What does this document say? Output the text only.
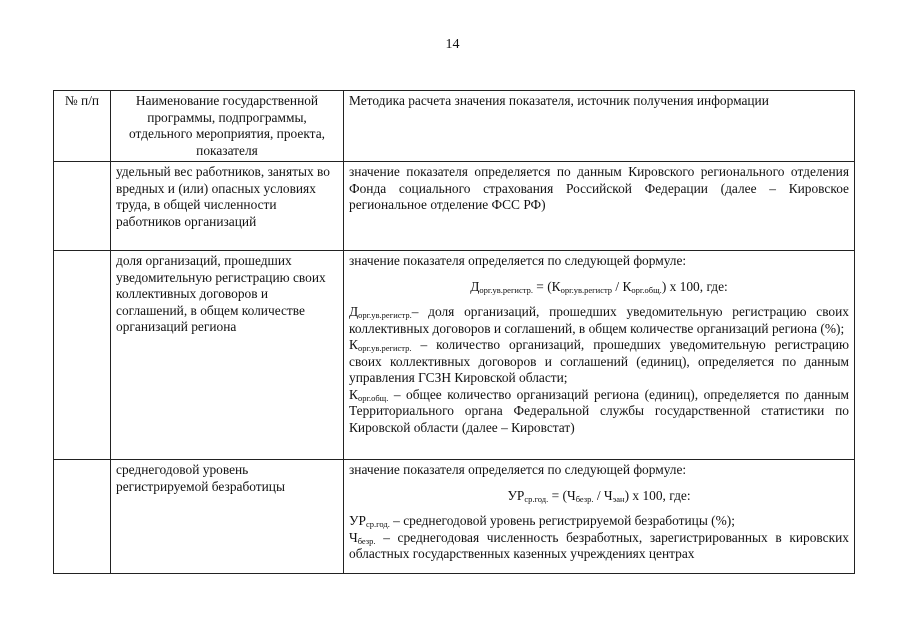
14
№ п/п	Наименование государственной программы, подпрограммы, отдельного мероприятия, проекта, показателя	Методика расчета значения показателя, источник получения информации
	удельный вес работников, занятых во вредных и (или) опасных условиях труда, в общей численности работников организаций	значение показателя определяется по данным Кировского регионального отделения Фонда социального страхования Российской Федерации (далее – Кировское региональное отделение ФСС РФ)
	доля организаций, прошедших уведомительную регистрацию своих коллективных договоров и соглашений, в общем количестве организаций региона	значение показателя определяется по следующей формуле:

$Д_{орг.ув.регистр.} = (К_{орг.ув.регистр} / К_{орг.общ.})$ х 100, где:

$Д_{орг.ув.регистр.}-$ доля организаций, прошедших уведомительную регистрацию своих коллективных договоров и соглашений, в общем количестве организаций региона (%);

$К_{орг.ув.регистр.}$ – количество организаций, прошедших уведомительную регистрацию своих коллективных договоров и соглашений (единиц), определяется по данным управления ГСЗН Кировской области;

$К_{орг.общ.}$ – общее количество организаций региона (единиц), определяется по данным Территориального органа Федеральной службы государственной статистики по Кировской области (далее – Кировстат)

	среднегодовой уровень регистрируемой безработицы	значение показателя определяется по следующей формуле:

$УР_{ср.год.} = (Ч_{безр.} / Ч_{эан})$ х 100, где:

$УР_{ср.год.}$ – среднегодовой уровень регистрируемой безработицы (%);

$Ч_{безр.}$ – среднегодовая численность безработных, зарегистрированных в кировских областных государственных казенных учреждениях центрах
